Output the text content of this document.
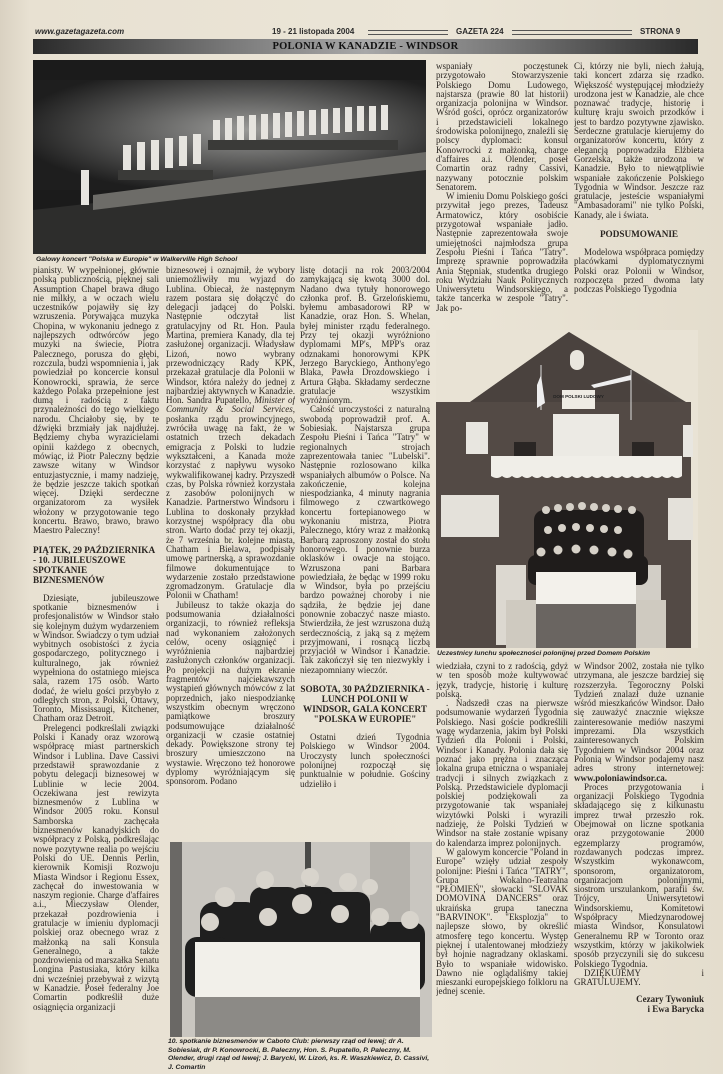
www.gazetagazeta.com	19 - 21 listopada 2004	GAZETA 224	STRONA 9
POLONIA W KANADZIE - WINDSOR
Galowy koncert "Polska w Europie" w Walkerville High School

pianisty. W wypełnionej, głównie polską publicznością, pięknej sali Assumption Chapel brawa długo nie milkły, a w oczach wielu uczestników pojawiły się łzy wzruszenia. Porywająca muzyka Chopina, w wykonaniu jednego z najlepszych odtwórców jego muzyki na świecie, Piotra Palecznego, porusza do głębi, rozczula, budzi wspomnienia i, jak powiedział po koncercie konsul Konowrocki, sprawia, że serce każdego Polaka przepełnione jest dumą i radością z faktu przynależności do tego wielkiego narodu. Chciałoby się, by te dźwięki brzmiały jak najdłużej. Będziemy chyba wyrazicielami opinii każdego z obecnych, mówiąc, iż Piotr Paleczny będzie zawsze witany w Windsor entuzjastycznie, i mamy nadzieję, że będzie jeszcze takich spotkań więcej. Dzięki serdeczne organizatorom za wysiłek włożony w przygotowanie tego koncertu. Brawo, brawo, brawo Maestro Paleczny!

PIĄTEK, 29 PAŹDZIERNIKA - 10. JUBILEUSZOWE SPOTKANIE BIZNESMENÓW

Dziesiąte, jubileuszowe spotkanie biznesmenów i profesjonalistów w Windsor stało się kolejnym dużym wydarzeniem w Windsor. Świadczy o tym udział wybitnych osobistości z życia gospodarczego, politycznego i kulturalnego, jak również wypełniona do ostatniego miejsca sala, razem 175 osób. Warto dodać, że wielu gości przybyło z odległych stron, z Polski, Ottawy, Toronto, Mississaugi, Kitchener, Chatham oraz Detroit.

Prelegenci podkreślali związki Polski i Kanady oraz wzorową współpracę miast partnerskich Windsor i Lublina. Dave Cassivi przedstawił sprawozdanie z pobytu delegacji biznesowej w Lublinie w lecie 2004. Oczekiwana jest rewizyta biznesmenów z Lublina w Windsor 2005 roku. Konsul Samborska zachęcała biznesmenów kanadyjskich do współpracy z Polską, podkreślając nowe pozytywne realia po wejściu Polski do UE. Dennis Perlin, kierownik Komisji Rozwoju Miasta Windsor i Regionu Essex, zachęcał do inwestowania w naszym regionie. Charge d'affaires a.i., Mieczysław Olender, przekazał pozdrowienia i gratulacje w imieniu dyplomacji polskiej oraz obecnego wraz z małżonką na sali Konsula Generalnego, a także pozdrowienia od marszałka Senatu Longina Pastusiaka, który kilka dni wcześniej przebywał z wizytą w Kanadzie. Poseł federalny Joe Comartin podkreślił duże osiągnięcia organizacji

biznesowej i oznajmił, że wybory uniemożliwiły mu wyjazd do Lublina. Obiecał, że następnym razem postara się dołączyć do delegacji jadącej do Polski. Następnie odczytał list gratulacyjny od Rt. Hon. Paula Martina, premiera Kanady, dla tej zasłużonej organizacji. Władysław Lizoń, nowo wybrany przewodniczący Rady KPK, przekazał gratulacje dla Polonii w Windsor, która należy do jednej z najbardziej aktywnych w Kanadzie. Hon. Sandra Pupatello, Minister of Community & Social Services, posłanka rządu prowincyjnego, zwróciła uwagę na fakt, że w ostatnich trzech dekadach emigracja z Polski to ludzie wykształceni, a Kanada może korzystać z napływu wysoko wykwalifikowanej kadry. Przyszedł czas, by Polska również korzystała z zasobów polonijnych w Kanadzie. Partnerstwo Windsoru i Lublina to doskonały przykład korzystnej współpracy dla obu stron. Warto dodać przy tej okazji, że 7 września br. kolejne miasta, Chatham i Bielawa, podpisały umowę partnerską, a sprawozdanie filmowe dokumentujące to wydarzenie zostało przedstawione zgromadzonym. Gratulacje dla Polonii w Chatham!

Jubileusz to także okazja do podsumowania działalności organizacji, to również refleksja nad wykonaniem założonych celów, oceny osiągnięć i wyróżnienia najbardziej zasłużonych członków organizacji. Po projekcji na dużym ekranie fragmentów najciekawszych wystąpień głównych mówców z lat poprzednich, jako niespodziankę wszystkim obecnym wręczono pamiątkowe broszury podsumowujące działalność organizacji w czasie ostatniej dekady. Powiększone strony tej broszury umieszczono na wystawie. Wręczono też honorowe dyplomy wyróżniającym się sponsorom. Podano

listę dotacji na rok 2003/2004 zamykającą się kwotą 3000 dol. Nadano dwa tytuły honorowego członka prof. B. Grzelońskiemu, byłemu ambasadorowi RP w Kanadzie, oraz Hon. S. Whelan, byłej minister rządu federalnego. Przy tej okazji wyróżniono dyplomami MP's, MPP's oraz odznakami honorowymi KPK Jerzego Baryckiego, Anthony'ego Blaka, Pawła Drozdowskiego i Artura Głąba. Składamy serdeczne gratulacje wszystkim wyróżnionym.

Całość uroczystości z naturalną swobodą poprowadził prof. A. Sobiesiak. Najstarsza grupa Zespołu Pieśni i Tańca "Tatry" w regionalnych strojach zaprezentowała taniec "Lubelski". Następnie rozlosowano kilka wspaniałych albumów o Polsce. Na zakończenie, kolejna niespodzianka, 4 minuty nagrania filmowego z czwartkowego koncertu fortepianowego w wykonaniu mistrza, Piotra Palecznego, który wraz z małżonką Barbarą zaproszony został do stołu honorowego. I ponownie burza oklasków i owacje na stojąco. Wzruszona pani Barbara powiedziała, że będąc w 1999 roku w Windsor, była po przejściu bardzo poważnej choroby i nie sądziła, że będzie jej dane ponownie zobaczyć nasze miasto. Stwierdziła, że jest wzruszona dużą serdecznością, z jaką są z mężem przyjmowani, i rosnącą liczbą przyjaciół w Windsor i Kanadzie. Tak zakończył się ten niezwykły i niezapomniany wieczór.

SOBOTA, 30 PAŹDZIERNIKA - LUNCH POLONII W WINDSOR, GALA KONCERT "POLSKA W EUROPIE"

Ostatni dzień Tygodnia Polskiego w Windsor 2004. Uroczysty lunch społeczności polonijnej rozpoczął się punktualnie w południe. Gościny udzieliło i

wspaniały poczęstunek przygotowało Stowarzyszenie Polskiego Domu Ludowego, najstarsza (prawie 80 lat historii) organizacja polonijna w Windsor. Wśród gości, oprócz organizatorów i przedstawicieli lokalnego środowiska polonijnego, znaleźli się polscy dyplomaci: konsul Konowrocki z małżonką, charge d'affaires a.i. Olender, poseł Comartin oraz radny Cassivi, nazywany potocznie polskim Senatorem.

W imieniu Domu Polskiego gości przywitał jego prezes, Tadeusz Armatowicz, który osobiście przygotował wspaniałe jadło. Następnie zaprezentowała swoje umiejętności najmłodsza grupa Zespołu Pieśni i Tańca "Tatry". Imprezę sprawnie poprowadziła Ania Stępniak, studentka drugiego roku Wydziału Nauk Politycznych Uniwersytetu Windsorskiego, a także tancerka w zespole "Tatry". Jak po-

Ci, którzy nie byli, niech żałują, taki koncert zdarza się rzadko. Większość występującej młodzieży urodzona jest w Kanadzie, ale chce poznawać tradycje, historię i kulturę kraju swoich przodków i jest to bardzo pozytywne zjawisko. Serdeczne gratulacje kierujemy do organizatorów koncertu, który z elegancją poprowadziła Elżbieta Gorzelska, także urodzona w Kanadzie. Było to niewątpliwie wspaniałe zakończenie Polskiego Tygodnia w Windsor. Jeszcze raz gratulacje, jesteście wspaniałymi "Ambasadorami" nie tylko Polski, Kanady, ale i świata.

PODSUMOWANIE

Modelowa współpraca pomiędzy placówkami dyplomatycznymi Polski oraz Polonii w Windsor, rozpoczęta przed dwoma laty podczas Polskiego Tygodnia

wiedziała, czyni to z radością, gdyż w ten sposób może kultywować język, tradycje, historię i kulturę polską.

. Nadszedł czas na pierwsze podsumowanie wydarzeń Tygodnia Polskiego. Nasi goście podkreślili wagę wydarzenia, jakim był Polski Tydzień dla Polonii i Polski, Windsor i Kanady. Polonia dała się poznać jako prężna i znacząca lokalna grupa etniczna o wspaniałej tradycji i silnych związkach z Polską. Przedstawiciele dyplomacji polskiej podziękowali za przygotowanie tak wspaniałej wizytówki Polski i wyrazili nadzieję, że Polski Tydzień w Windsor na stałe zostanie wpisany do kalendarza imprez polonijnych.

W galowym koncercie "Poland in Europe" wzięły udział zespoły polonijne: Pieśni i Tańca "TATRY", Grupa Wokalno-Teatralna "PŁOMIEŃ", słowacki "SLOVAK DOMOVINA DANCERS" oraz ukraińska grupa taneczna "BARVINOK". "Eksplozja" to najlepsze słowo, by określić atmosferę tego koncertu. Występ pięknej i utalentowanej młodzieży był hojnie nagradzany oklaskami. Było to wspaniałe widowisko. Dawno nie oglądaliśmy takiej mieszanki europejskiego folkloru na jednej scenie.

w Windsor 2002, została nie tylko utrzymana, ale jeszcze bardziej się rozszerzyła. Tegoroczny Polski Tydzień znalazł duże uznanie wśród mieszkańców Windsor. Dało się zauważyć znacznie większe zainteresowanie mediów naszymi imprezami. Dla wszystkich zainteresowanych Polskim Tygodniem w Windsor 2004 oraz Polonią w Windsor podajemy nasz adres strony internetowej: www.poloniawindsor.ca.

Proces przygotowania i organizacji Polskiego Tygodnia składającego się z kilkunastu imprez trwał przeszło rok. Obejmował on liczne spotkania oraz przygotowanie 2000 egzemplarzy programów, rozdawanych podczas imprez. Wszystkim wykonawcom, sponsorom, organizatorom, organizacjom polonijnymi, siostrom urszulankom, parafii św. Trójcy, Uniwersytetowi Windsorskiemu, Komitetowi Współpracy Miedzynarodowej miasta Windsor, Konsulatowi Generalnemu RP w Toronto oraz wszystkim, którzy w jakikolwiek sposób przyczynili się do sukcesu Polskiego Tygodnia.

DZIĘKUJEMY i GRATULUJEMY.

Cezary Tywoniuk

i Ewa Barycka

10. spotkanie biznesmenów w Caboto Club: pierwszy rząd od lewej; dr A. Sobiesiak, dr P. Konowrocki, B. Paleczny, Hon. S. Pupatello, P. Paleczny, M. Olender, drugi rząd od lewej; J. Barycki, W. Lizoń, ks. R. Waszkiewicz, D. Cassivi, J. Comartin
DOM POLSKI LUDOWY
Uczestnicy lunchu społeczności polonijnej przed Domem Polskim
